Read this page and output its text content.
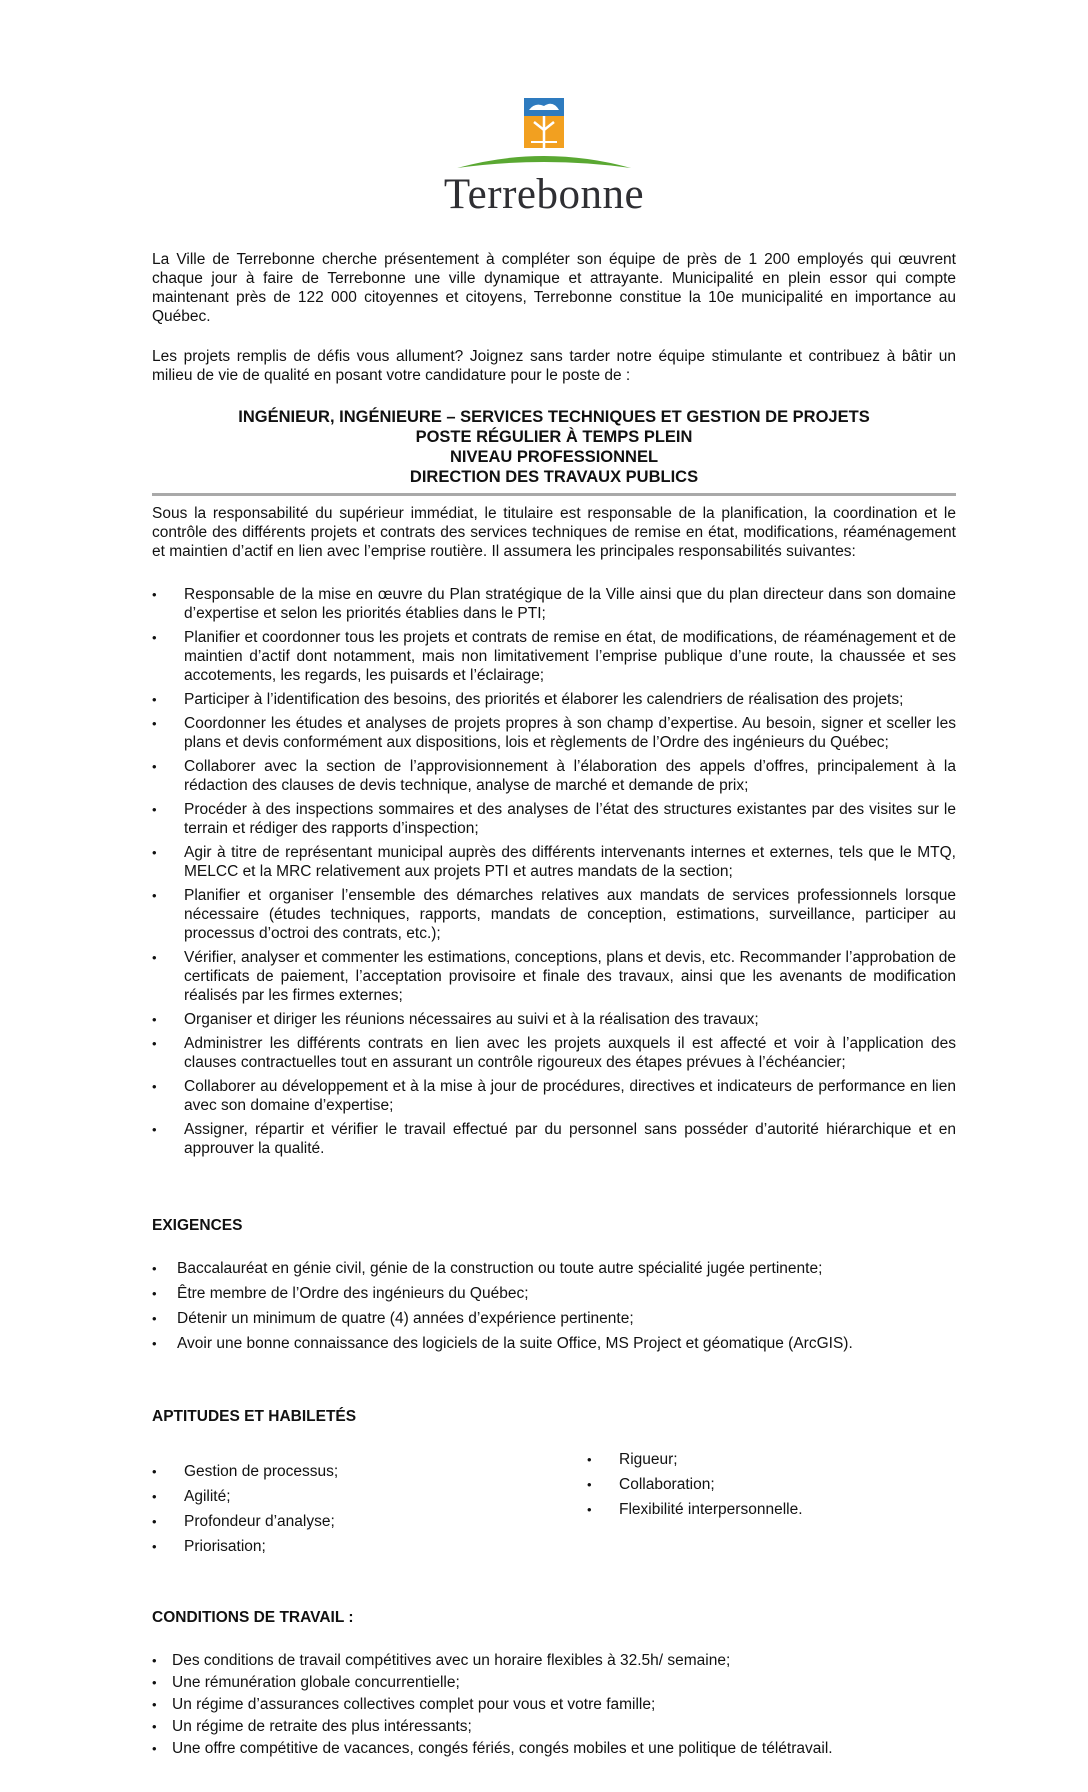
Terrebonne

La Ville de Terrebonne cherche présentement à compléter son équipe de près de 1 200 employés qui œuvrent chaque jour à faire de Terrebonne une ville dynamique et attrayante. Municipalité en plein essor qui compte maintenant près de 122 000 citoyennes et citoyens, Terrebonne constitue la 10e municipalité en importance au Québec.

Les projets remplis de défis vous allument? Joignez sans tarder notre équipe stimulante et contribuez à bâtir un milieu de vie de qualité en posant votre candidature pour le poste de :

INGÉNIEUR, INGÉNIEURE – SERVICES TECHNIQUES ET GESTION DE PROJETS
POSTE RÉGULIER À TEMPS PLEIN
NIVEAU PROFESSIONNEL
DIRECTION DES TRAVAUX PUBLICS

Sous la responsabilité du supérieur immédiat, le titulaire est responsable de la planification, la coordination et le contrôle des différents projets et contrats des services techniques de remise en état, modifications, réaménagement et maintien d’actif en lien avec l’emprise routière. Il assumera les principales responsabilités suivantes:

• Responsable de la mise en œuvre du Plan stratégique de la Ville ainsi que du plan directeur dans son domaine d’expertise et selon les priorités établies dans le PTI;
• Planifier et coordonner tous les projets et contrats de remise en état, de modifications, de réaménagement et de maintien d’actif dont notamment, mais non limitativement l’emprise publique d’une route, la chaussée et ses accotements, les regards, les puisards et l’éclairage;
• Participer à l’identification des besoins, des priorités et élaborer les calendriers de réalisation des projets;
• Coordonner les études et analyses de projets propres à son champ d’expertise. Au besoin, signer et sceller les plans et devis conformément aux dispositions, lois et règlements de l’Ordre des ingénieurs du Québec;
• Collaborer avec la section de l’approvisionnement à l’élaboration des appels d’offres, principalement à la rédaction des clauses de devis technique, analyse de marché et demande de prix;
• Procéder à des inspections sommaires et des analyses de l’état des structures existantes par des visites sur le terrain et rédiger des rapports d’inspection;
• Agir à titre de représentant municipal auprès des différents intervenants internes et externes, tels que le MTQ, MELCC et la MRC relativement aux projets PTI et autres mandats de la section;
• Planifier et organiser l’ensemble des démarches relatives aux mandats de services professionnels lorsque nécessaire (études techniques, rapports, mandats de conception, estimations, surveillance, participer au processus d’octroi des contrats, etc.);
• Vérifier, analyser et commenter les estimations, conceptions, plans et devis, etc. Recommander l’approbation de certificats de paiement, l’acceptation provisoire et finale des travaux, ainsi que les avenants de modification réalisés par les firmes externes;
• Organiser et diriger les réunions nécessaires au suivi et à la réalisation des travaux;
• Administrer les différents contrats en lien avec les projets auxquels il est affecté et voir à l’application des clauses contractuelles tout en assurant un contrôle rigoureux des étapes prévues à l’échéancier;
• Collaborer au développement et à la mise à jour de procédures, directives et indicateurs de performance en lien avec son domaine d’expertise;
• Assigner, répartir et vérifier le travail effectué par du personnel sans posséder d’autorité hiérarchique et en approuver la qualité.
EXIGENCES
• Baccalauréat en génie civil, génie de la construction ou toute autre spécialité jugée pertinente;
• Être membre de l’Ordre des ingénieurs du Québec;
• Détenir un minimum de quatre (4) années d’expérience pertinente;
• Avoir une bonne connaissance des logiciels de la suite Office, MS Project et géomatique (ArcGIS).
APTITUDES ET HABILETÉS
• Gestion de processus;
• Agilité;
• Profondeur d’analyse;
• Priorisation;
• Rigueur;
• Collaboration;
• Flexibilité interpersonnelle.
CONDITIONS DE TRAVAIL :
• Des conditions de travail compétitives avec un horaire flexibles à 32.5h/ semaine;
• Une rémunération globale concurrentielle;
• Un régime d’assurances collectives complet pour vous et votre famille;
• Un régime de retraite des plus intéressants;
• Une offre compétitive de vacances, congés fériés, congés mobiles et une politique de télétravail.
